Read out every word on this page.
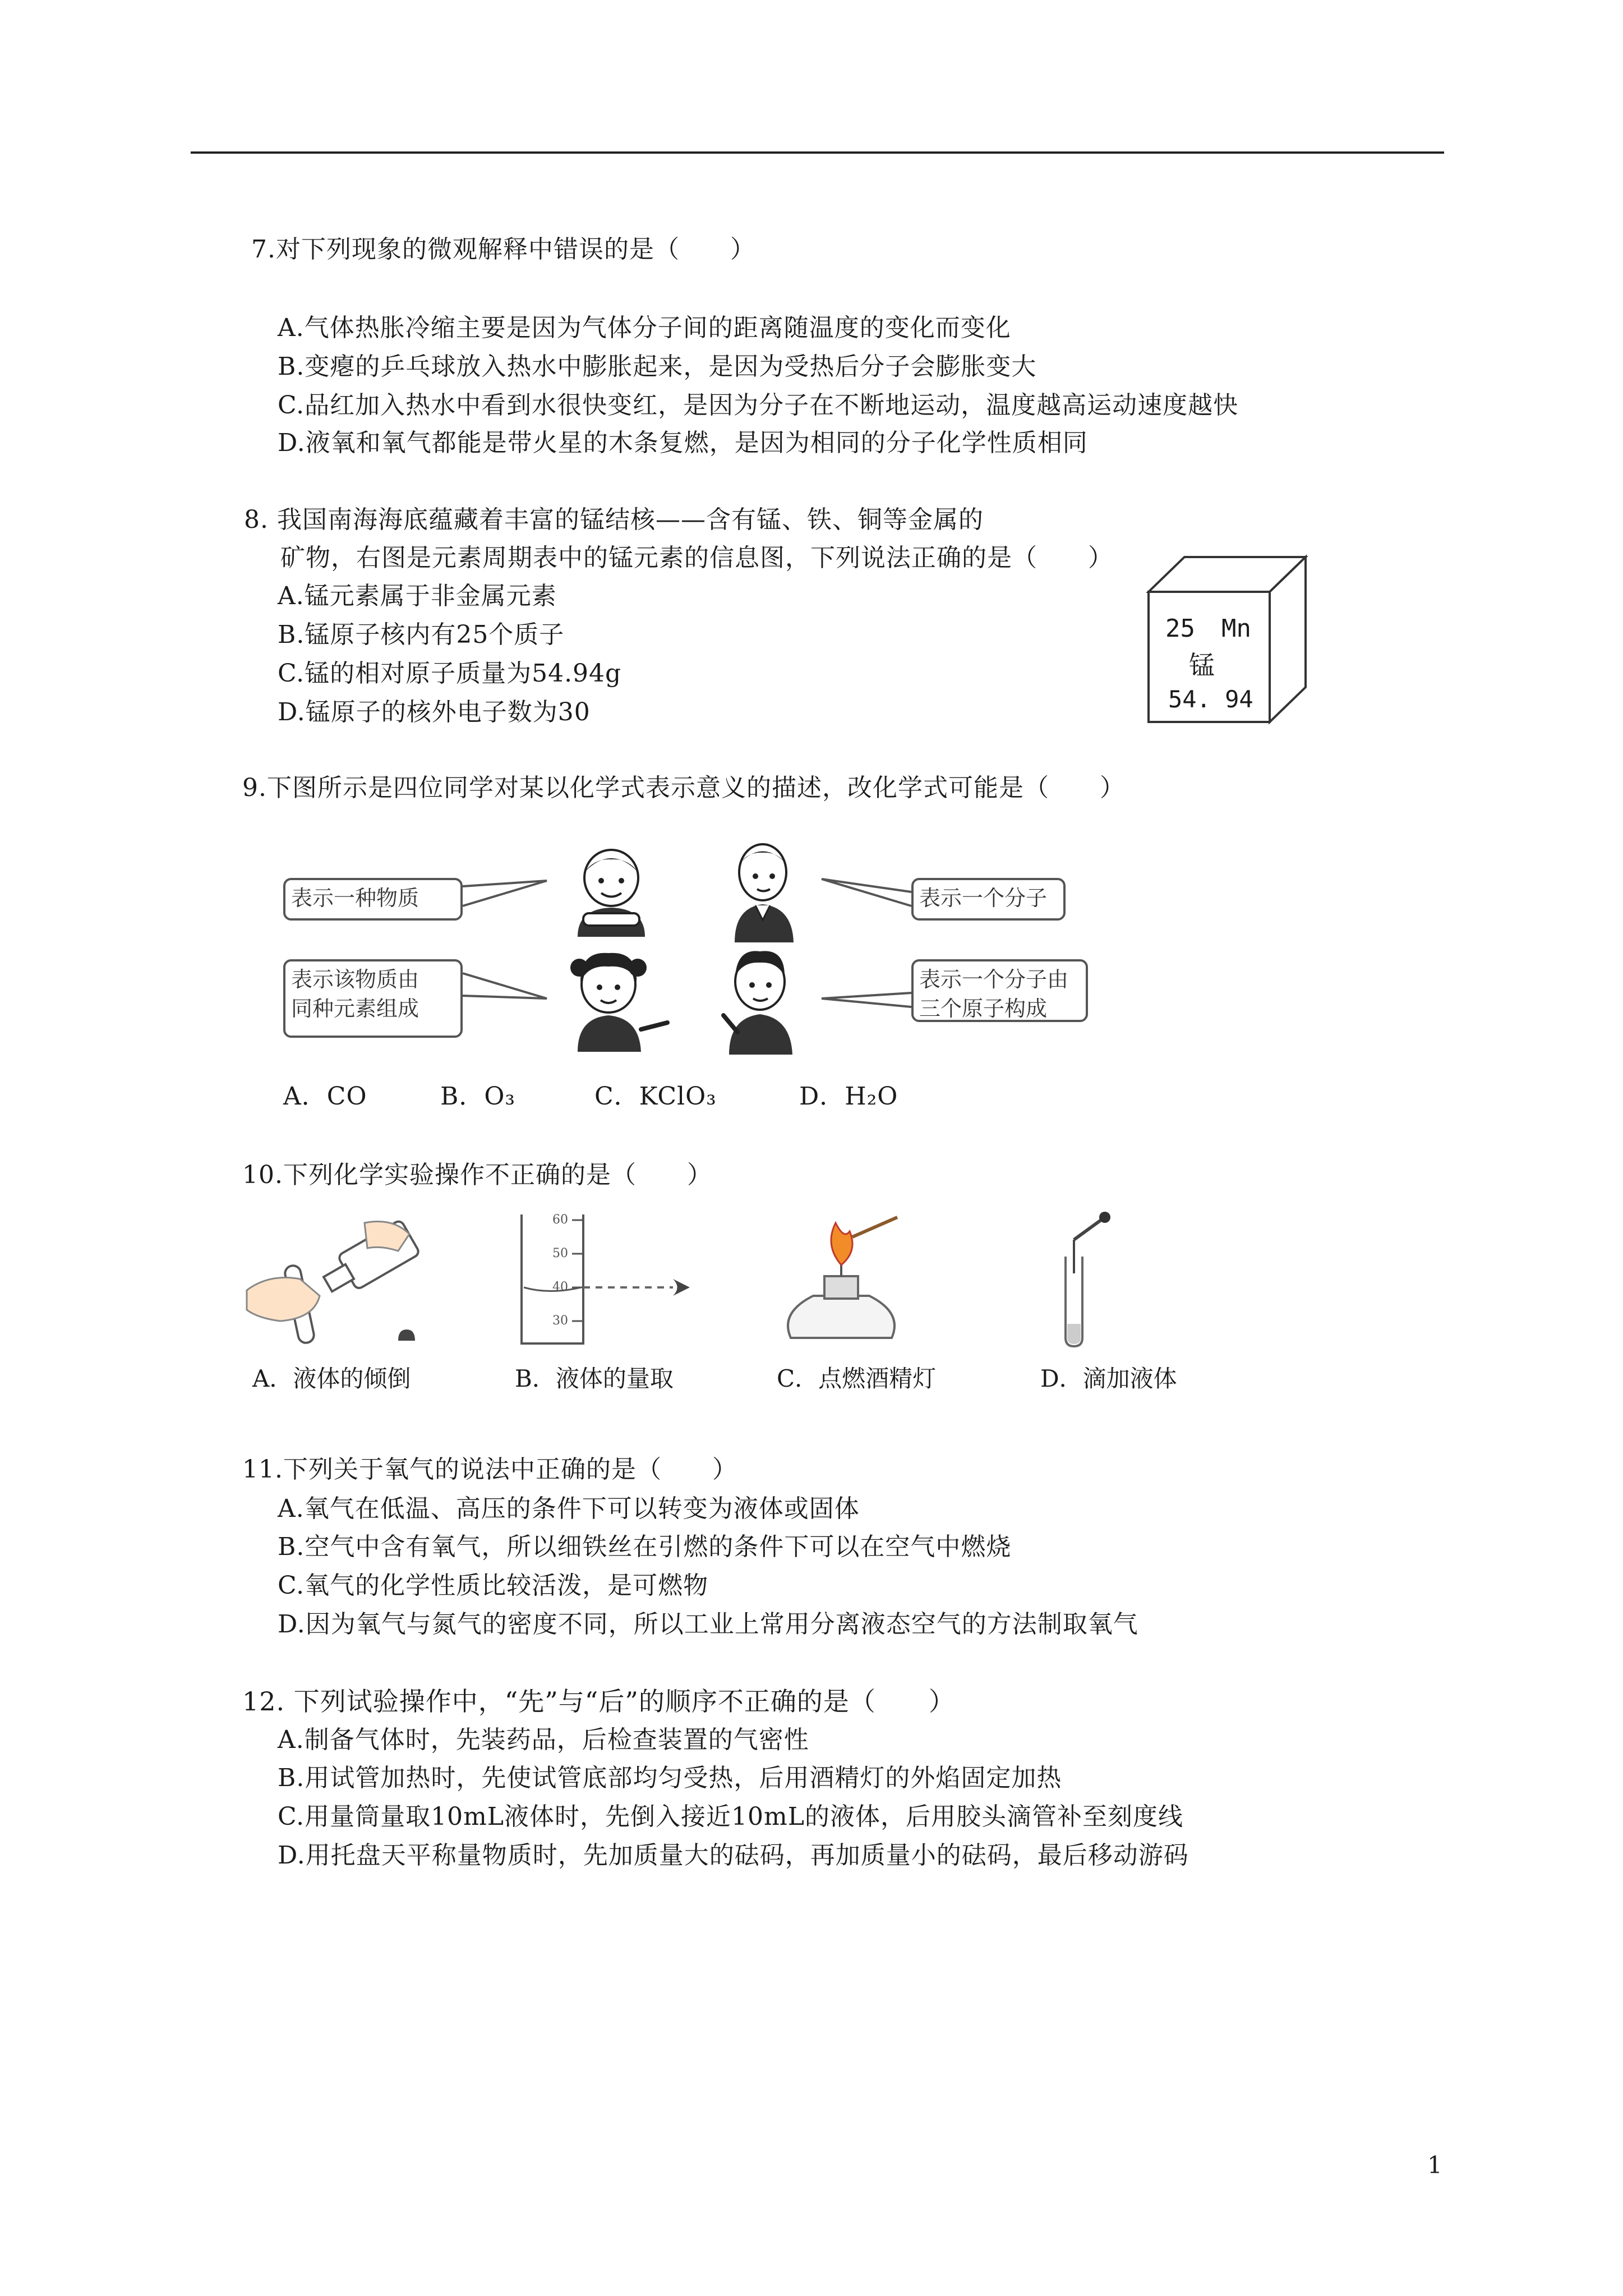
7.对下列现象的微观解释中错误的是（　　）
A.气体热胀冷缩主要是因为气体分子间的距离随温度的变化而变化
B.变瘪的乒乓球放入热水中膨胀起来，是因为受热后分子会膨胀变大
C.品红加入热水中看到水很快变红，是因为分子在不断地运动，温度越高运动速度越快
D.液氧和氧气都能是带火星的木条复燃，是因为相同的分子化学性质相同
8. 我国南海海底蕴藏着丰富的锰结核——含有锰、铁、铜等金属的
矿物，右图是元素周期表中的锰元素的信息图，下列说法正确的是（　　）
A.锰元素属于非金属元素
B.锰原子核内有25个质子
C.锰的相对原子质量为54.94g
D.锰原子的核外电子数为30
25 Mn
锰
54. 94
9.下图所示是四位同学对某以化学式表示意义的描述，改化学式可能是（　　）
表示一种物质	表示一个分子
表示该物质由
同种元素组成
表示一个分子由
三个原子构成
A．CO	B．O₃	C．KClO₃	D．H₂O
10.下列化学实验操作不正确的是（　　）
60
50
40
30
A．液体的倾倒	B．液体的量取	C．点燃酒精灯	D．滴加液体
11.下列关于氧气的说法中正确的是（　　）
A.氧气在低温、高压的条件下可以转变为液体或固体
B.空气中含有氧气，所以细铁丝在引燃的条件下可以在空气中燃烧
C.氧气的化学性质比较活泼，是可燃物
D.因为氧气与氮气的密度不同，所以工业上常用分离液态空气的方法制取氧气
12. 下列试验操作中，“先”与“后”的顺序不正确的是（　　）
A.制备气体时，先装药品，后检查装置的气密性
B.用试管加热时，先使试管底部均匀受热，后用酒精灯的外焰固定加热
C.用量筒量取10mL液体时，先倒入接近10mL的液体，后用胶头滴管补至刻度线
D.用托盘天平称量物质时，先加质量大的砝码，再加质量小的砝码，最后移动游码
1
